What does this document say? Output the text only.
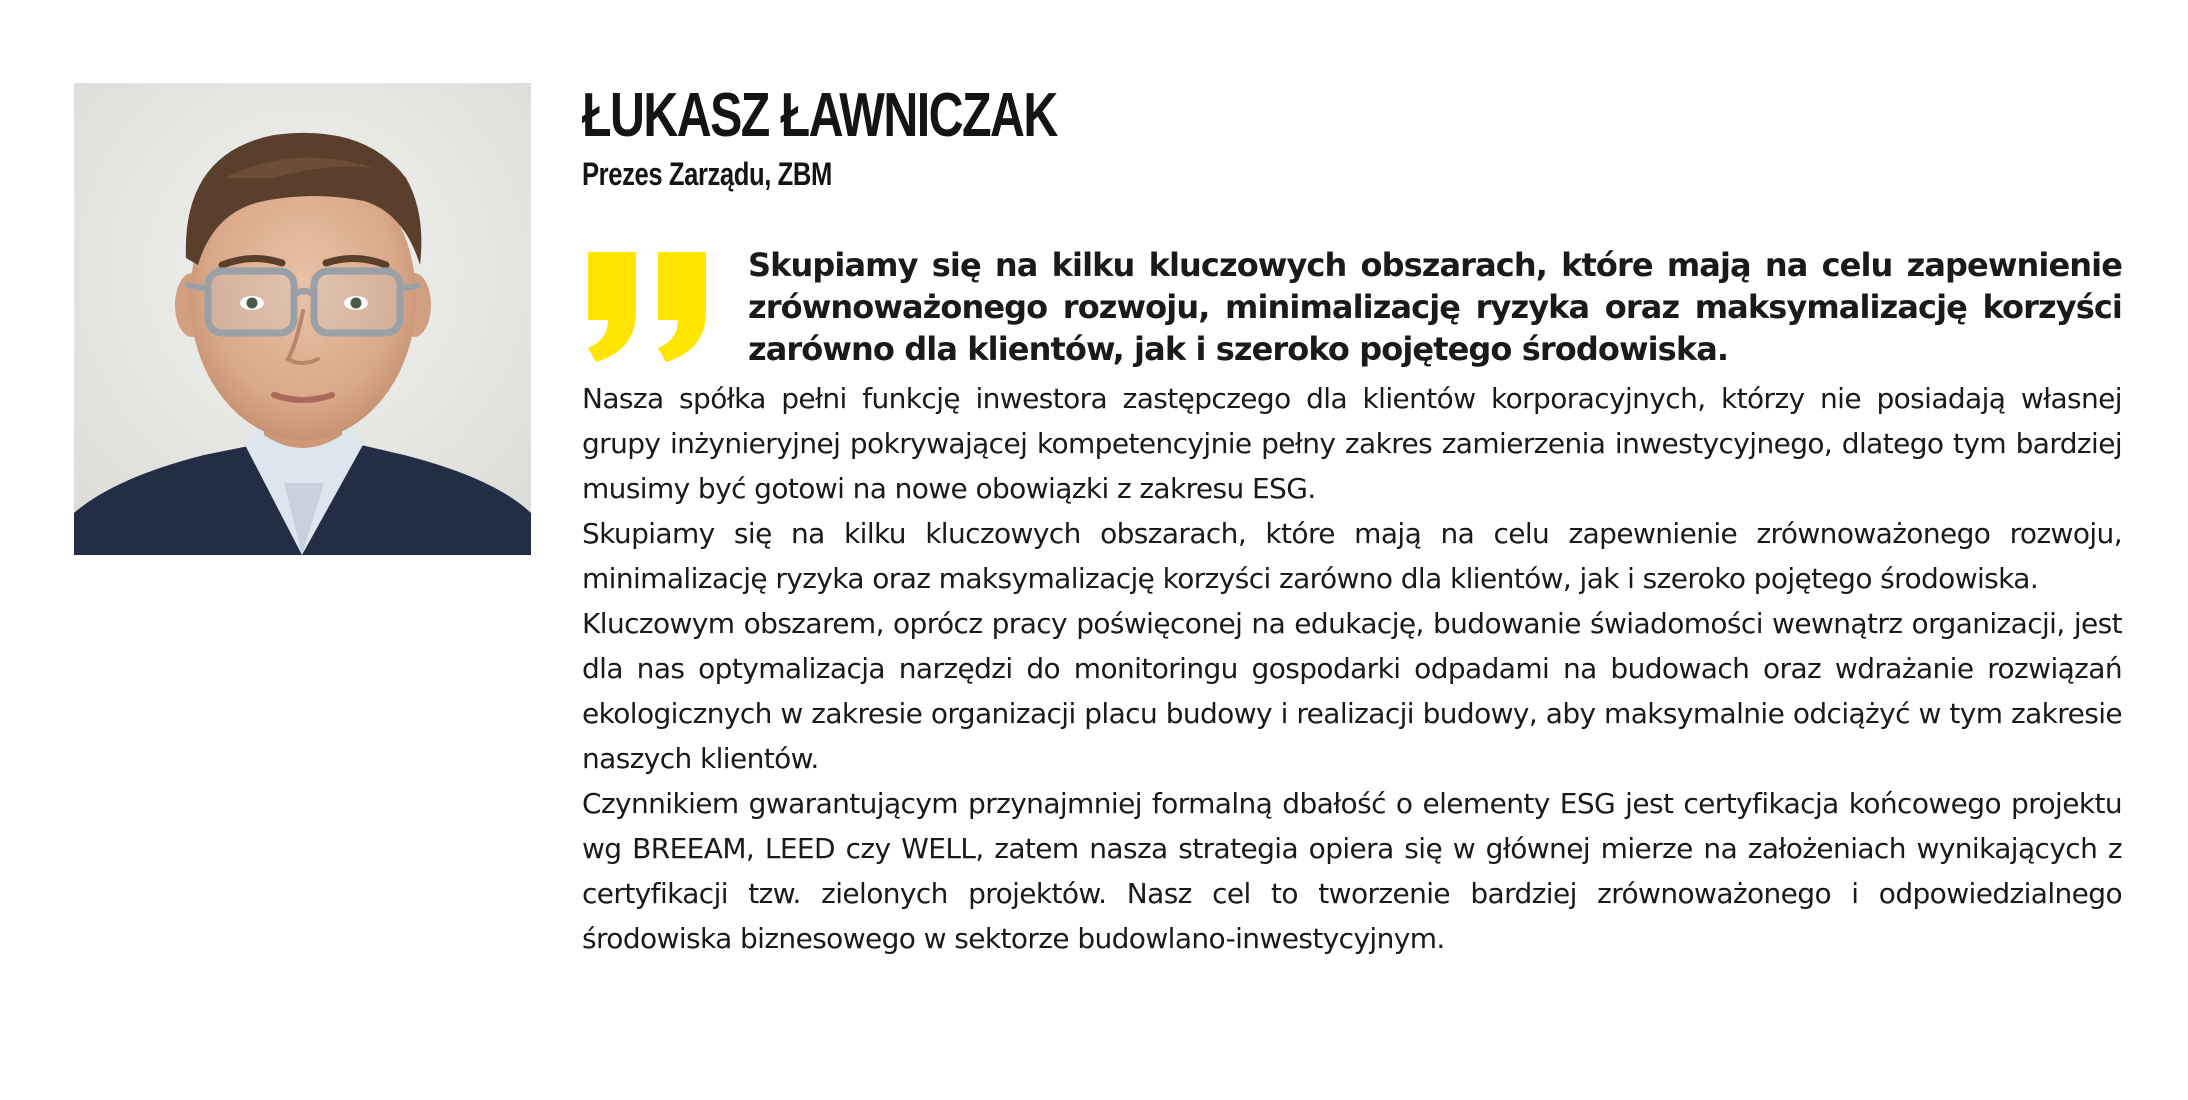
ŁUKASZ ŁAWNICZAK
Prezes Zarządu, ZBM

Skupiamy się na kilku kluczowych obszarach, które mają na celu zapewnienie zrównoważonego rozwoju, minimalizację ryzyka oraz maksymalizację korzyści zarówno dla klientów, jak i szeroko pojętego środowiska.

Nasza spółka pełni funkcję inwestora zastępczego dla klientów korporacyjnych, którzy nie posiadają własnej grupy inżynieryjnej pokrywającej kompetencyjnie pełny zakres zamierzenia inwestycyjnego, dlatego tym bardziej musimy być gotowi na nowe obowiązki z zakresu ESG.

Skupiamy się na kilku kluczowych obszarach, które mają na celu zapewnienie zrównoważonego rozwoju, minimalizację ryzyka oraz maksymalizację korzyści zarówno dla klientów, jak i szeroko pojętego środowiska.

Kluczowym obszarem, oprócz pracy poświęconej na edukację, budowanie świadomości wewnątrz organizacji, jest dla nas optymalizacja narzędzi do monitoringu gospodarki odpadami na budowach oraz wdrażanie rozwiązań ekologicznych w zakresie organizacji placu budowy i realizacji budowy, aby maksymalnie odciążyć w tym zakresie naszych klientów.

Czynnikiem gwarantującym przynajmniej formalną dbałość o elementy ESG jest certyfikacja końcowego projektu wg BREEAM, LEED czy WELL, zatem nasza strategia opiera się w głównej mierze na założeniach wynikających z certyfikacji tzw. zielonych projektów. Nasz cel to tworzenie bardziej zrównoważonego i odpowiedzialnego środowiska biznesowego w sektorze budowlano-inwestycyjnym.
